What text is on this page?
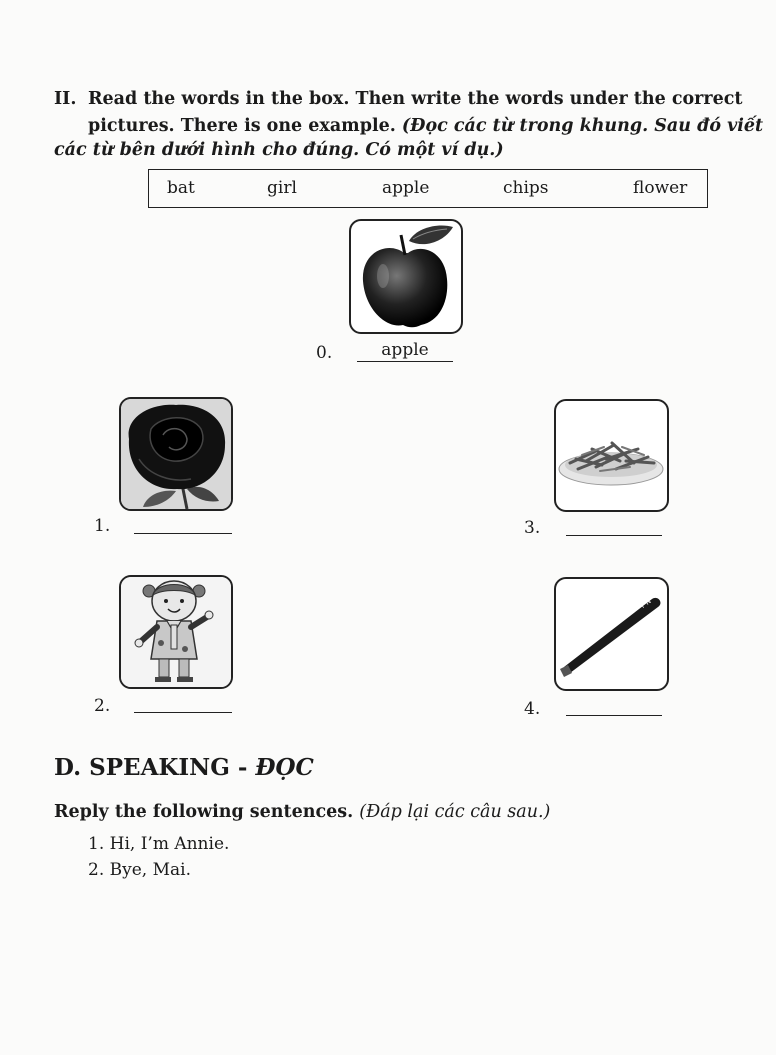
II. Read the words in the box. Then write the words under the correct
pictures. There is one example. (Đọc các từ trong khung. Sau đó viết
các từ bên dưới hình cho đúng. Có một ví dụ.)
bat	girl	apple	chips	flower
0.	apple
1.	3.
2.
T N
4.
D. SPEAKING - ĐỌC
Reply the following sentences. (Đáp lại các câu sau.)
1. Hi, I’m Annie.
2. Bye, Mai.
